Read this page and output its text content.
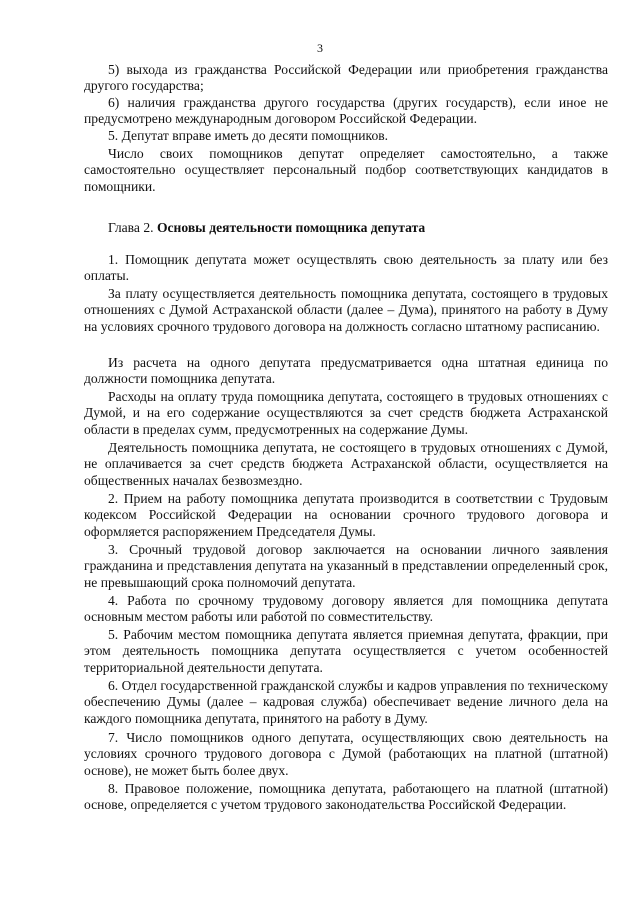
3

5) выхода из гражданства Российской Федерации или приобретения гражданства другого государства;

6) наличия гражданства другого государства (других государств), если иное не предусмотрено международным договором Российской Федерации.

5. Депутат вправе иметь до десяти помощников.

Число своих помощников депутат определяет самостоятельно, а также самостоятельно осуществляет персональный подбор соответствующих кандидатов в помощники.

Глава 2. Основы деятельности помощника депутата

1. Помощник депутата может осуществлять свою деятельность за плату или без оплаты.

За плату осуществляется деятельность помощника депутата, состоящего в трудовых отношениях с Думой Астраханской области (далее – Дума), принятого на работу в Думу на условиях срочного трудового договора на должность согласно штатному расписанию.

Из расчета на одного депутата предусматривается одна штатная единица по должности помощника депутата.

Расходы на оплату труда помощника депутата, состоящего в трудовых отношениях с Думой, и на его содержание осуществляются за счет средств бюджета Астраханской области в пределах сумм, предусмотренных на содержание Думы.

Деятельность помощника депутата, не состоящего в трудовых отношениях с Думой, не оплачивается за счет средств бюджета Астраханской области, осуществляется на общественных началах безвозмездно.

2. Прием на работу помощника депутата производится в соответствии с Трудовым кодексом Российской Федерации на основании срочного трудового договора и оформляется распоряжением Председателя Думы.

3. Срочный трудовой договор заключается на основании личного заявления гражданина и представления депутата на указанный в представлении определенный срок, не превышающий срока полномочий депутата.

4. Работа по срочному трудовому договору является для помощника депутата основным местом работы или работой по совместительству.

5. Рабочим местом помощника депутата является приемная депутата, фракции, при этом деятельность помощника депутата осуществляется с учетом особенностей территориальной деятельности депутата.

6. Отдел государственной гражданской службы и кадров управления по техническому обеспечению Думы (далее – кадровая служба) обеспечивает ведение личного дела на каждого помощника депутата, принятого на работу в Думу.

7. Число помощников одного депутата, осуществляющих свою деятельность на условиях срочного трудового договора с Думой (работающих на платной (штатной) основе), не может быть более двух.

8. Правовое положение, помощника депутата, работающего на платной (штатной) основе, определяется с учетом трудового законодательства Российской Федерации.
